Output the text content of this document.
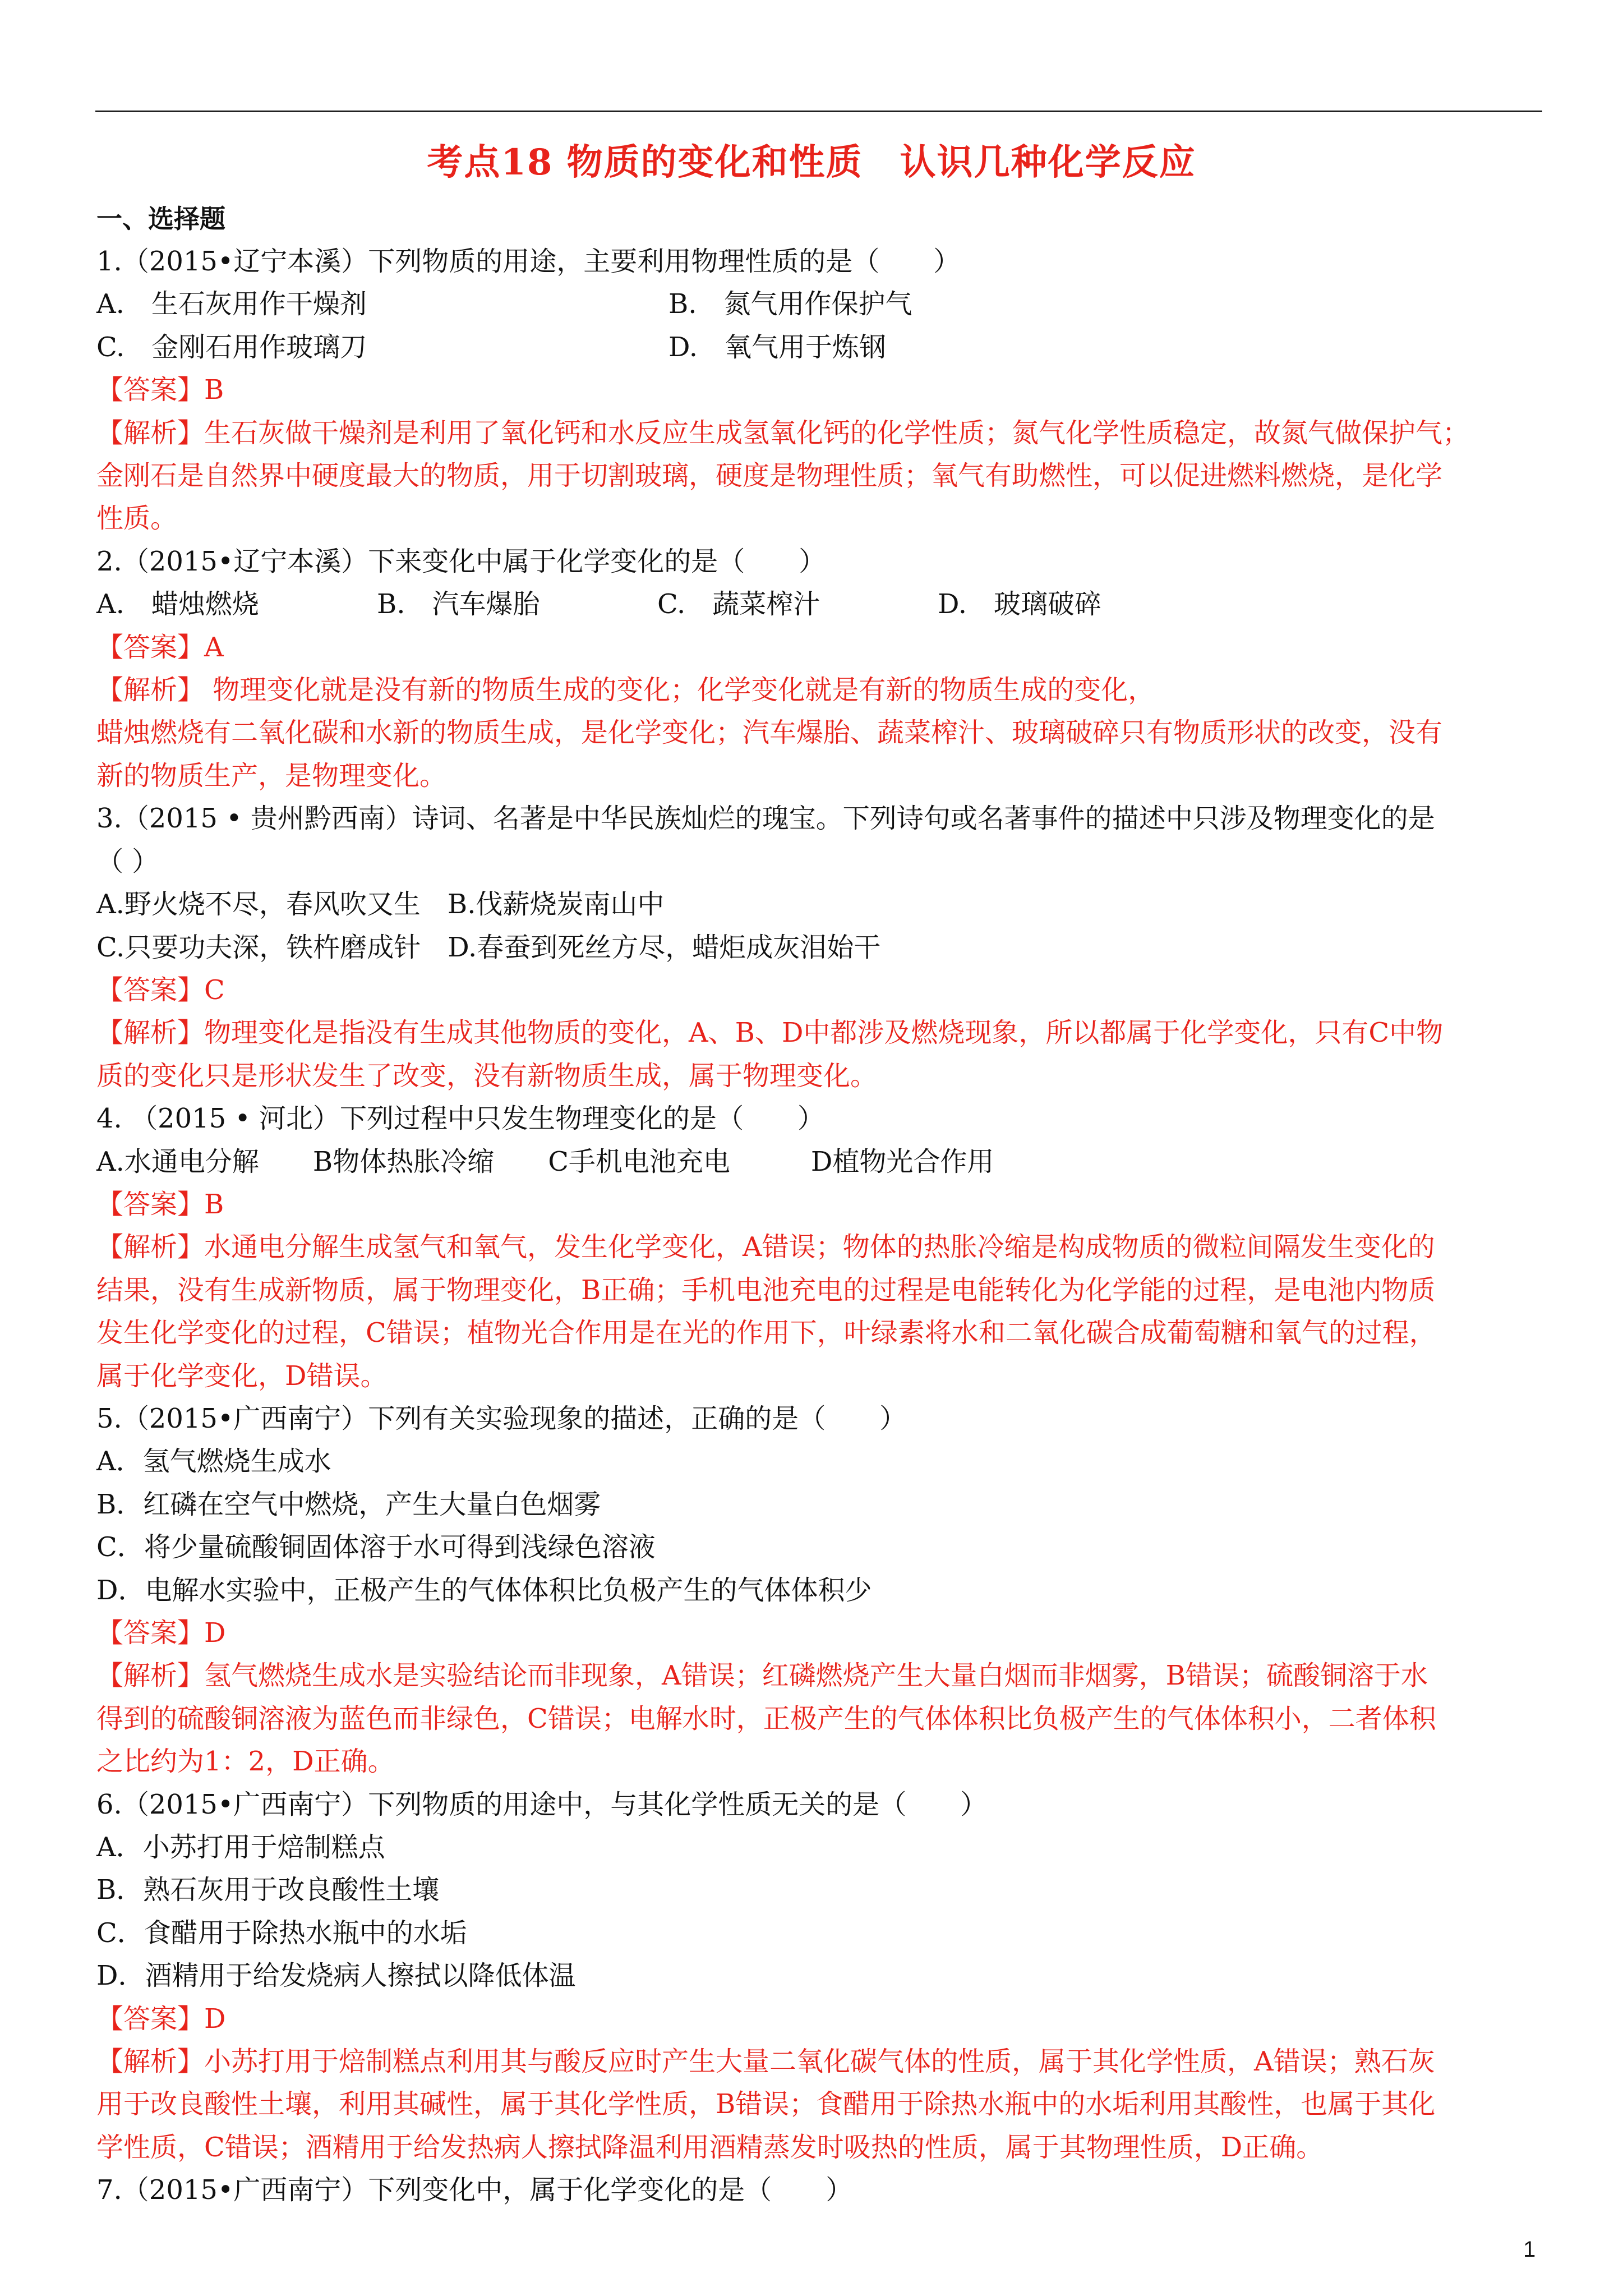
考点18 物质的变化和性质　认识几种化学反应
一、选择题
1.（2015•辽宁本溪）下列物质的用途，主要利用物理性质的是（　　）
A.　生石灰用作干燥剂	B.　氮气用作保护气
C.　金刚石用作玻璃刀	D.　氧气用于炼钢
【答案】B
【解析】生石灰做干燥剂是利用了氧化钙和水反应生成氢氧化钙的化学性质；氮气化学性质稳定，故氮气做保护气；
金刚石是自然界中硬度最大的物质，用于切割玻璃，硬度是物理性质；氧气有助燃性，可以促进燃料燃烧，是化学
性质。
2.（2015•辽宁本溪）下来变化中属于化学变化的是（　　）
A.　蜡烛燃烧	B.　汽车爆胎	C.　蔬菜榨汁	D.　玻璃破碎
【答案】A
【解析】 物理变化就是没有新的物质生成的变化；化学变化就是有新的物质生成的变化，
蜡烛燃烧有二氧化碳和水新的物质生成，是化学变化；汽车爆胎、蔬菜榨汁、玻璃破碎只有物质形状的改变，没有
新的物质生产，是物理变化。
3.（2015 • 贵州黔西南）诗词、名著是中华民族灿烂的瑰宝。下列诗句或名著事件的描述中只涉及物理变化的是
（ ）
A.野火烧不尽，春风吹又生　B.伐薪烧炭南山中
C.只要功夫深，铁杵磨成针　D.春蚕到死丝方尽，蜡炬成灰泪始干
【答案】C
【解析】物理变化是指没有生成其他物质的变化，A、B、D中都涉及燃烧现象，所以都属于化学变化，只有C中物
质的变化只是形状发生了改变，没有新物质生成，属于物理变化。
4. （2015 • 河北）下列过程中只发生物理变化的是（　　）
A.水通电分解　　B物体热胀冷缩　　C手机电池充电　　　D植物光合作用
【答案】B
【解析】水通电分解生成氢气和氧气，发生化学变化，A错误；物体的热胀冷缩是构成物质的微粒间隔发生变化的
结果，没有生成新物质，属于物理变化，B正确；手机电池充电的过程是电能转化为化学能的过程，是电池内物质
发生化学变化的过程，C错误；植物光合作用是在光的作用下，叶绿素将水和二氧化碳合成葡萄糖和氧气的过程，
属于化学变化，D错误。
5.（2015•广西南宁）下列有关实验现象的描述，正确的是（　　）
A．氢气燃烧生成水
B．红磷在空气中燃烧，产生大量白色烟雾
C．将少量硫酸铜固体溶于水可得到浅绿色溶液
D．电解水实验中，正极产生的气体体积比负极产生的气体体积少
【答案】D
【解析】氢气燃烧生成水是实验结论而非现象，A错误；红磷燃烧产生大量白烟而非烟雾，B错误；硫酸铜溶于水
得到的硫酸铜溶液为蓝色而非绿色，C错误；电解水时，正极产生的气体体积比负极产生的气体体积小，二者体积
之比约为1：2，D正确。
6.（2015•广西南宁）下列物质的用途中，与其化学性质无关的是（　　）
A．小苏打用于焙制糕点
B．熟石灰用于改良酸性土壤
C．食醋用于除热水瓶中的水垢
D．酒精用于给发烧病人擦拭以降低体温
【答案】D
【解析】小苏打用于焙制糕点利用其与酸反应时产生大量二氧化碳气体的性质，属于其化学性质，A错误；熟石灰
用于改良酸性土壤，利用其碱性，属于其化学性质，B错误；食醋用于除热水瓶中的水垢利用其酸性，也属于其化
学性质，C错误；酒精用于给发热病人擦拭降温利用酒精蒸发时吸热的性质，属于其物理性质，D正确。
7.（2015•广西南宁）下列变化中，属于化学变化的是（　　）
1
